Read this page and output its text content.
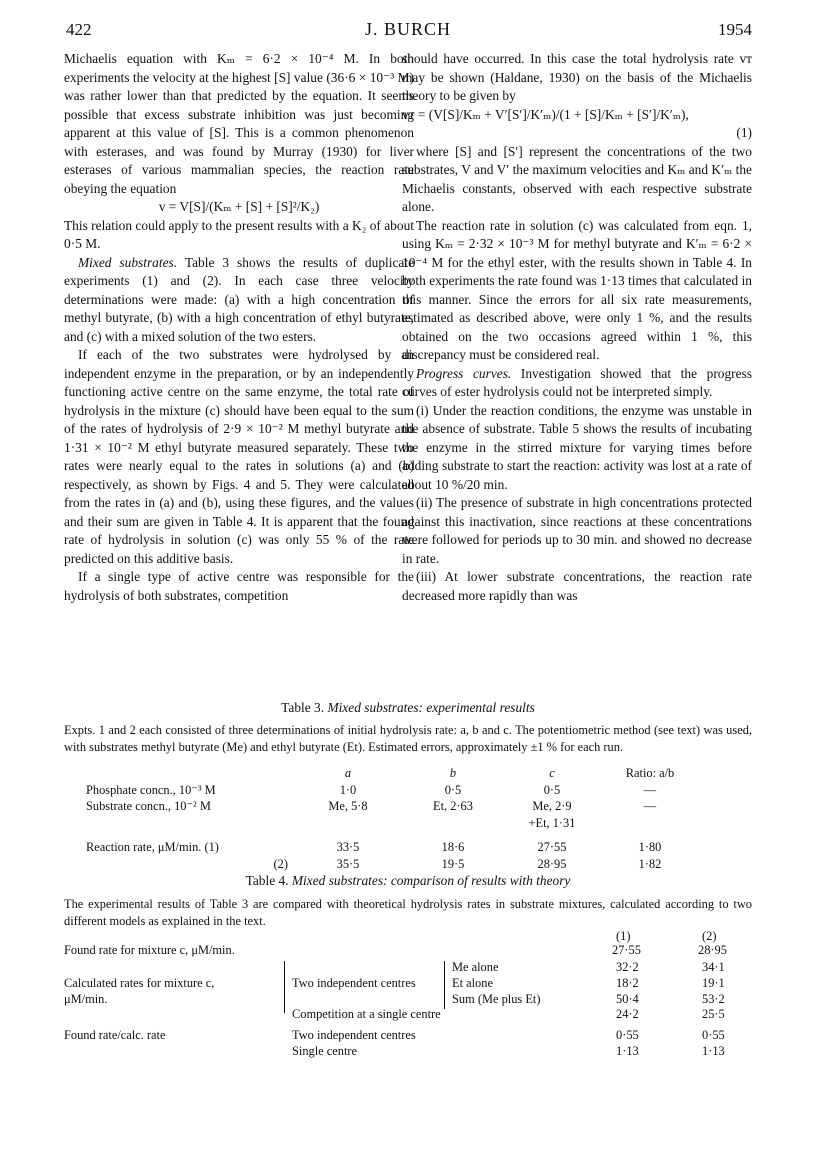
422	J. BURCH	1954

Michaelis equation with Kₘ = 6·2 × 10⁻⁴ M. In both experiments the velocity at the highest [S] value (36·6 × 10⁻³ M) was rather lower than that predicted by the equation. It seems possible that excess substrate inhibition was just becoming apparent at this value of [S]. This is a common phenomenon with esterases, and was found by Murray (1930) for liver esterases of various mammalian species, the reaction rate obeying the equation

v = V[S]/(Kₘ + [S] + [S]²/K₂)

This relation could apply to the present results with a K₂ of about 0·5 M.

Mixed substrates. Table 3 shows the results of duplicate experiments (1) and (2). In each case three velocity determinations were made: (a) with a high concentration of methyl butyrate, (b) with a high concentration of ethyl butyrate, and (c) with a mixed solution of the two esters.

If each of the two substrates were hydrolysed by an independent enzyme in the preparation, or by an independently functioning active centre on the same enzyme, the total rate of hydrolysis in the mixture (c) should have been equal to the sum of the rates of hydrolysis of 2·9 × 10⁻² M methyl butyrate and 1·31 × 10⁻² M ethyl butyrate measured separately. These two rates were nearly equal to the rates in solutions (a) and (b) respectively, as shown by Figs. 4 and 5. They were calculated from the rates in (a) and (b), using these figures, and the values and their sum are given in Table 4. It is apparent that the found rate of hydrolysis in solution (c) was only 55 % of the rate predicted on this additive basis.

If a single type of active centre was responsible for the hydrolysis of both substrates, competition

should have occurred. In this case the total hydrolysis rate vᴛ may be shown (Haldane, 1930) on the basis of the Michaelis theory to be given by

vᴛ = (V[S]/Kₘ + V′[S′]/K′ₘ)/(1 + [S]/Kₘ + [S′]/K′ₘ),
(1)

where [S] and [S′] represent the concentrations of the two substrates, V and V′ the maximum velocities and Kₘ and K′ₘ the Michaelis constants, observed with each respective substrate alone.

The reaction rate in solution (c) was calculated from eqn. 1, using Kₘ = 2·32 × 10⁻³ M for methyl butyrate and K′ₘ = 6·2 × 10⁻⁴ M for the ethyl ester, with the results shown in Table 4. In both experiments the rate found was 1·13 times that calculated in this manner. Since the errors for all six rate measurements, estimated as described above, were only 1 %, and the results obtained on the two occasions agreed within 1 %, this discrepancy must be considered real.

Progress curves. Investigation showed that the progress curves of ester hydrolysis could not be interpreted simply.

(i) Under the reaction conditions, the enzyme was unstable in the absence of substrate. Table 5 shows the results of incubating the enzyme in the stirred mixture for varying times before adding substrate to start the reaction: activity was lost at a rate of about 10 %/20 min.

(ii) The presence of substrate in high concentrations protected against this inactivation, since reactions at these concentrations were followed for periods up to 30 min. and showed no decrease in rate.

(iii) At lower substrate concentrations, the reaction rate decreased more rapidly than was

Table 3. Mixed substrates: experimental results
Expts. 1 and 2 each consisted of three determinations of initial hydrolysis rate: a, b and c. The potentiometric method (see text) was used, with substrates methyl butyrate (Me) and ethyl butyrate (Et). Estimated errors, approximately ±1 % for each run.
	a	b	c	Ratio: a/b
Phosphate concn., 10⁻³ M	1·0	0·5	0·5	—
Substrate concn., 10⁻² M	Me, 5·8	Et, 2·63	Me, 2·9
+Et, 1·31	—

Reaction rate, μM/min. (1)	33·5	18·6	27·55	1·80
(2)	35·5	19·5	28·95	1·82
Table 4. Mixed substrates: comparison of results with theory
The experimental results of Table 3 are compared with theoretical hydrolysis rates in substrate mixtures, calculated according to two different models as explained in the text.
(1)	(2)
Found rate for mixture c, μM/min.	27·55	28·95
Calculated rates for mixture c,
μM/min.
Two independent centres
Me alone	32·2	34·1
Et alone	18·2	19·1
Sum (Me plus Et)	50·4	53·2
Competition at a single centre	24·2	25·5
Found rate/calc. rate	Two independent centres	0·55	0·55
Single centre	1·13	1·13
